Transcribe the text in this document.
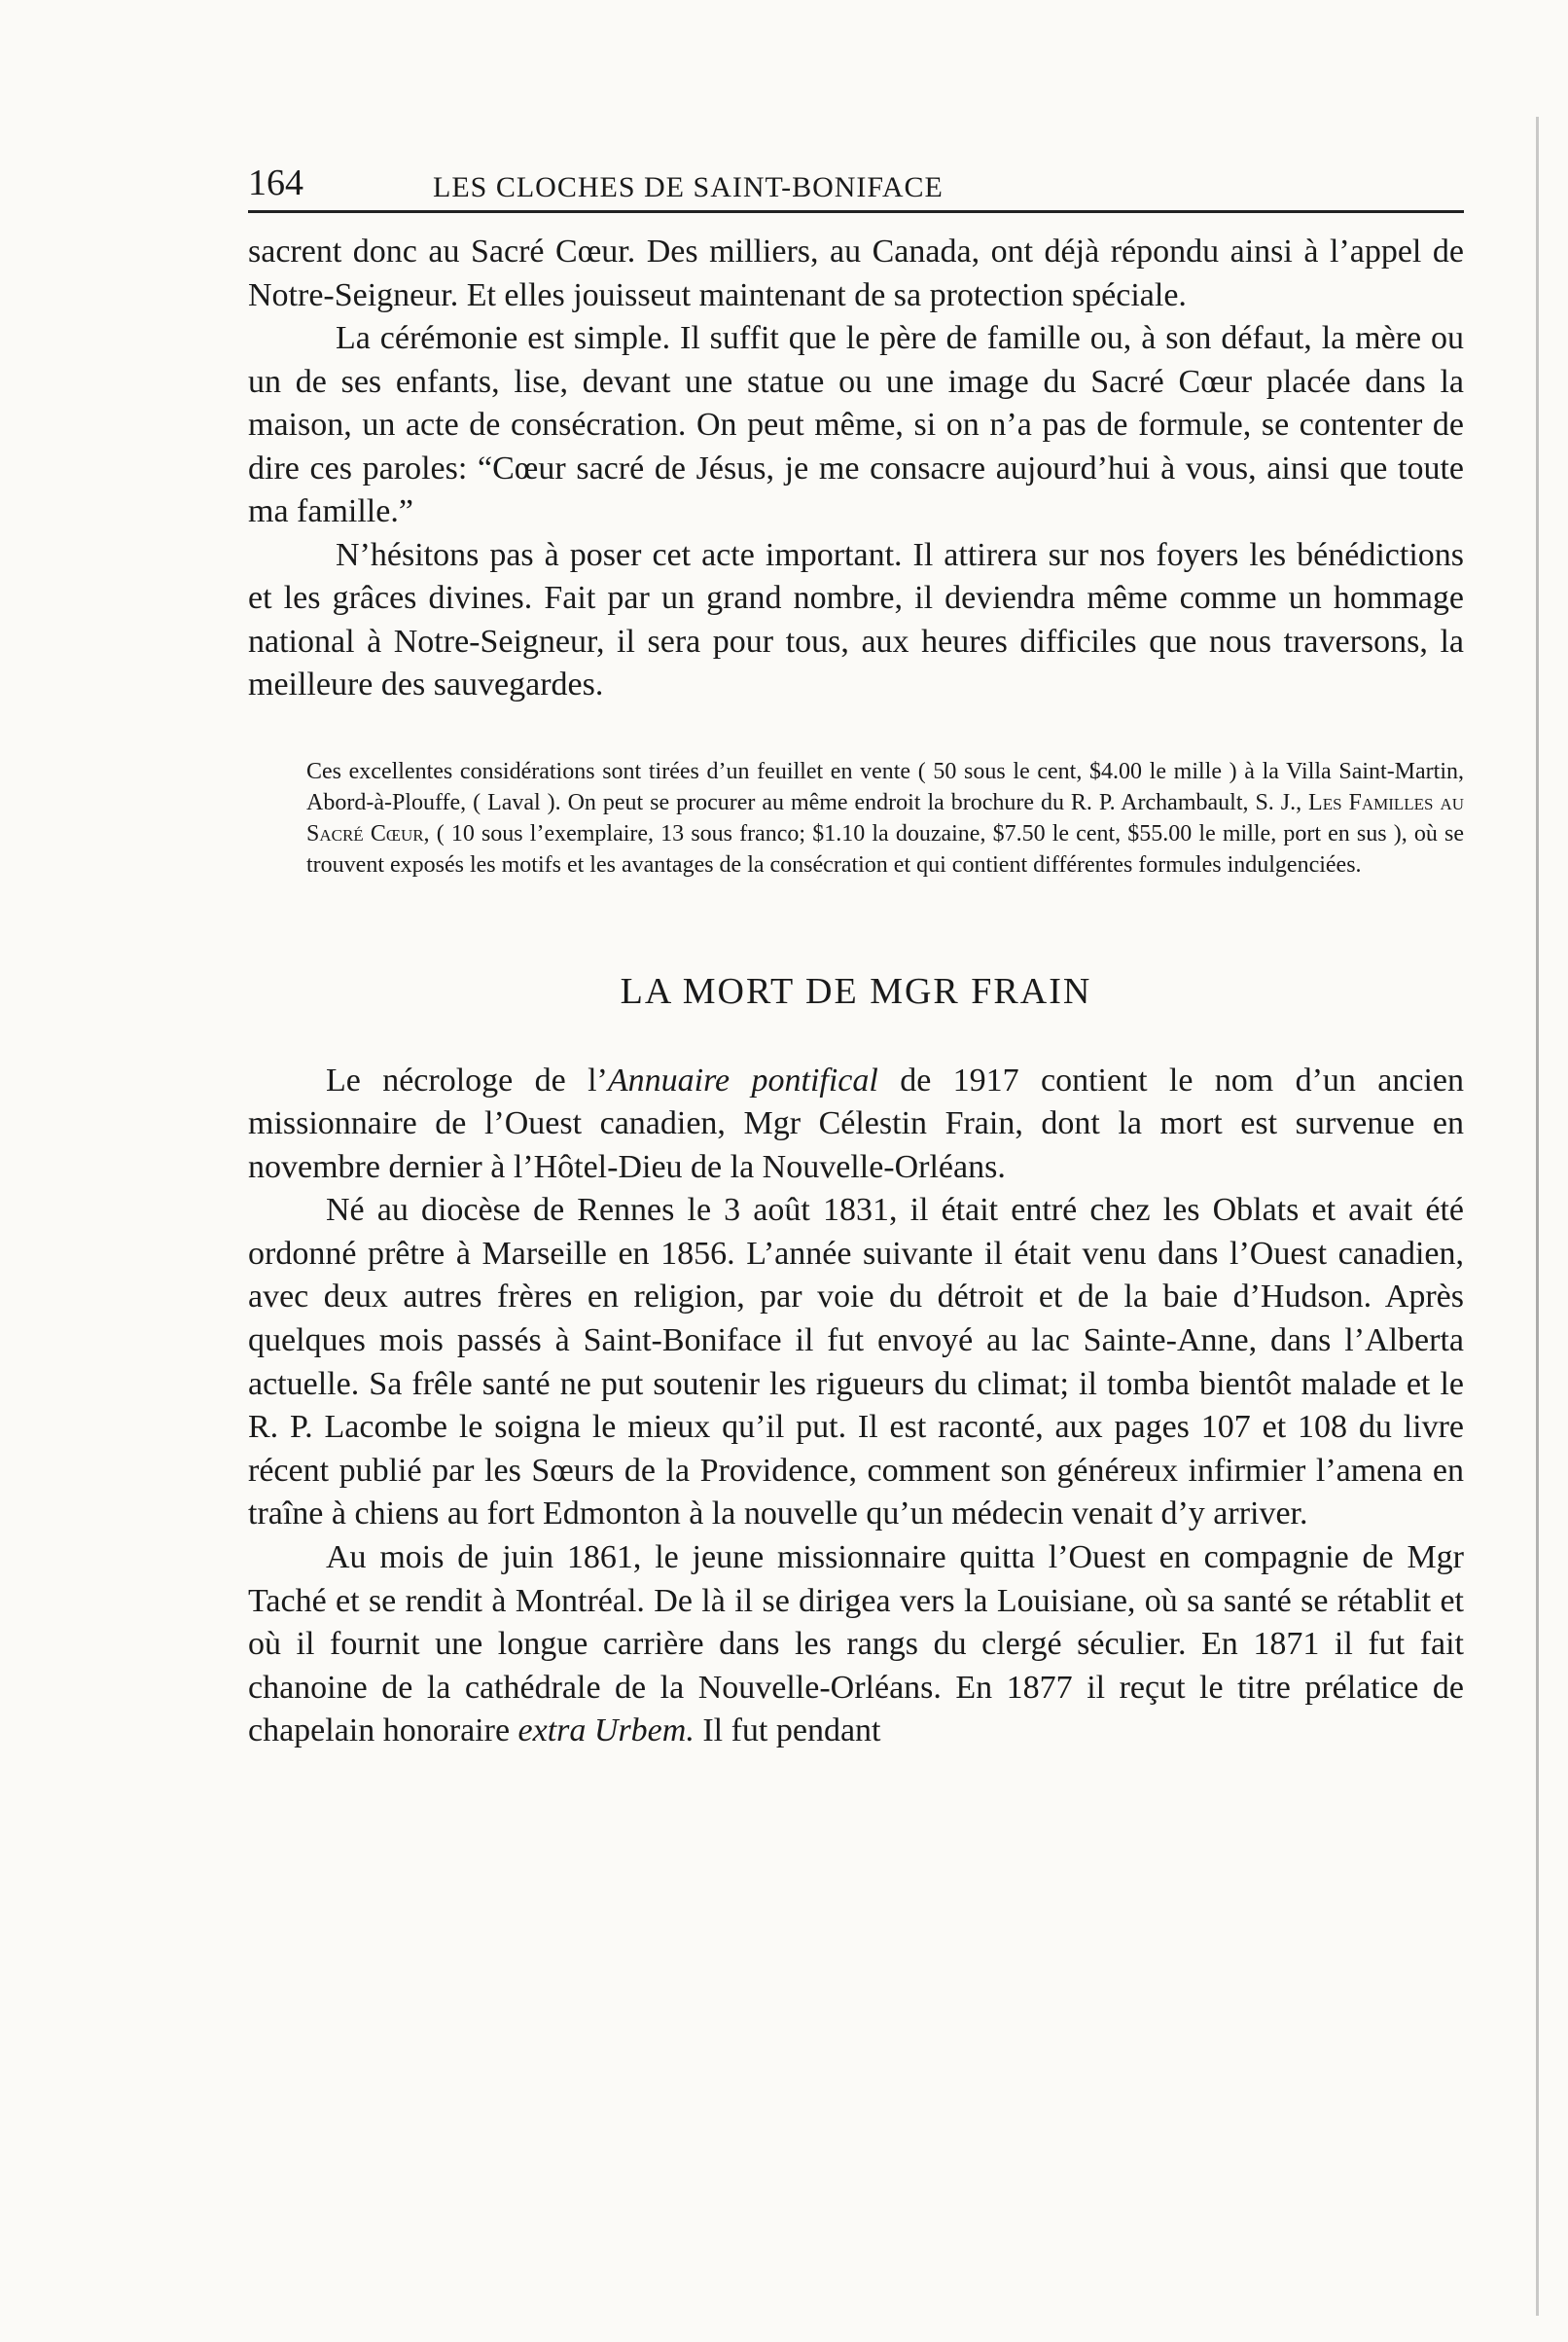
164	LES CLOCHES DE SAINT-BONIFACE

sacrent donc au Sacré Cœur. Des milliers, au Canada, ont déjà répondu ainsi à l’appel de Notre-Seigneur. Et elles jouisseut maintenant de sa protection spéciale.

La cérémonie est simple. Il suffit que le père de famille ou, à son défaut, la mère ou un de ses enfants, lise, devant une statue ou une image du Sacré Cœur placée dans la maison, un acte de consécration. On peut même, si on n’a pas de formule, se contenter de dire ces paroles: “Cœur sacré de Jésus, je me consacre aujourd’hui à vous, ainsi que toute ma famille.”

N’hésitons pas à poser cet acte important. Il attirera sur nos foyers les bénédictions et les grâces divines. Fait par un grand nombre, il deviendra même comme un hommage national à Notre-Seigneur, il sera pour tous, aux heures difficiles que nous traversons, la meilleure des sauvegardes.

Ces excellentes considérations sont tirées d’un feuillet en vente ( 50 sous le cent, $4.00 le mille ) à la Villa Saint-Martin, Abord-à-Plouffe, ( Laval ). On peut se procurer au même endroit la brochure du R. P. Archambault, S. J., Les Familles au Sacré Cœur, ( 10 sous l’exemplaire, 13 sous franco; $1.10 la douzaine, $7.50 le cent, $55.00 le mille, port en sus ), où se trouvent exposés les motifs et les avantages de la consécration et qui contient différentes formules indulgenciées.

LA MORT DE MGR FRAIN

Le nécrologe de l’Annuaire pontifical de 1917 contient le nom d’un ancien missionnaire de l’Ouest canadien, Mgr Célestin Frain, dont la mort est survenue en novembre dernier à l’Hôtel-Dieu de la Nouvelle-Orléans.

Né au diocèse de Rennes le 3 août 1831, il était entré chez les Oblats et avait été ordonné prêtre à Marseille en 1856. L’année suivante il était venu dans l’Ouest canadien, avec deux autres frères en religion, par voie du détroit et de la baie d’Hudson. Après quelques mois passés à Saint-Boniface il fut envoyé au lac Sainte-Anne, dans l’Alberta actuelle. Sa frêle santé ne put soutenir les rigueurs du climat; il tomba bientôt malade et le R. P. Lacombe le soigna le mieux qu’il put. Il est raconté, aux pages 107 et 108 du livre récent publié par les Sœurs de la Providence, comment son généreux infirmier l’amena en traîne à chiens au fort Edmonton à la nouvelle qu’un médecin venait d’y arriver.

Au mois de juin 1861, le jeune missionnaire quitta l’Ouest en compagnie de Mgr Taché et se rendit à Montréal. De là il se dirigea vers la Louisiane, où sa santé se rétablit et où il fournit une longue carrière dans les rangs du clergé séculier. En 1871 il fut fait chanoine de la cathédrale de la Nouvelle-Orléans. En 1877 il reçut le titre prélatice de chapelain honoraire extra Urbem. Il fut pendant
